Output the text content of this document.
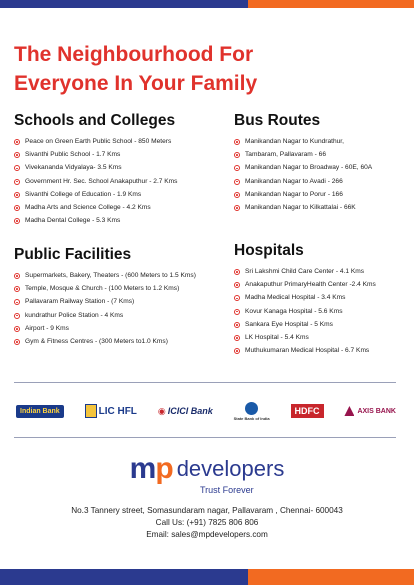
The Neighbourhood For
Everyone In Your Family
Schools and Colleges
Peace on Green Earth Public School - 850 Meters
Sivanthi Public School - 1.7 Kms
Vivekananda Vidyalaya- 3.5 Kms
Government Hr. Sec. School Anakaputhur - 2.7 Kms
Sivanthi College of Education - 1.9 Kms
Madha Arts and Science College - 4.2 Kms
Madha Dental College - 5.3 Kms
Bus Routes
Manikandan Nagar to Kundrathur,
Tambaram, Pallavaram - 66
Manikandan Nagar to Broadway - 60E, 60A
Manikandan Nagar to Avadi - 266
Manikandan Nagar to Porur - 166
Manikandan Nagar to Kilkattalai - 66K
Public Facilities
Supermarkets, Bakery, Theaters - (600 Meters to 1.5 Kms)
Temple, Mosque & Church - (100 Meters to 1.2 Kms)
Pallavaram Railway Station - (7 Kms)
kundrathur Police Station - 4 Kms
Airport - 9 Kms
Gym & Fitness Centres - (300 Meters to1.0 Kms)
Hospitals
Sri Lakshmi Child Care Center - 4.1 Kms
Anakaputhur PrimaryHealth Center -2.4 Kms
Madha Medical Hospital - 3.4 Kms
Kovur Kanaga Hospital - 5.6 Kms
Sankara Eye Hospital - 5 Kms
LK Hospital - 5.4 Kms
Muthukumaran Medical Hospital - 6.7 Kms
Indian Bank	LIC HFL ◉ ICICI Bank
State Bank of India
HDFC	AXIS BANK
mp developers
Trust Forever
No.3 Tannery street, Somasundaram nagar, Pallavaram , Chennai- 600043
Call Us: (+91) 7825 806 806
Email: sales@mpdevelopers.com
